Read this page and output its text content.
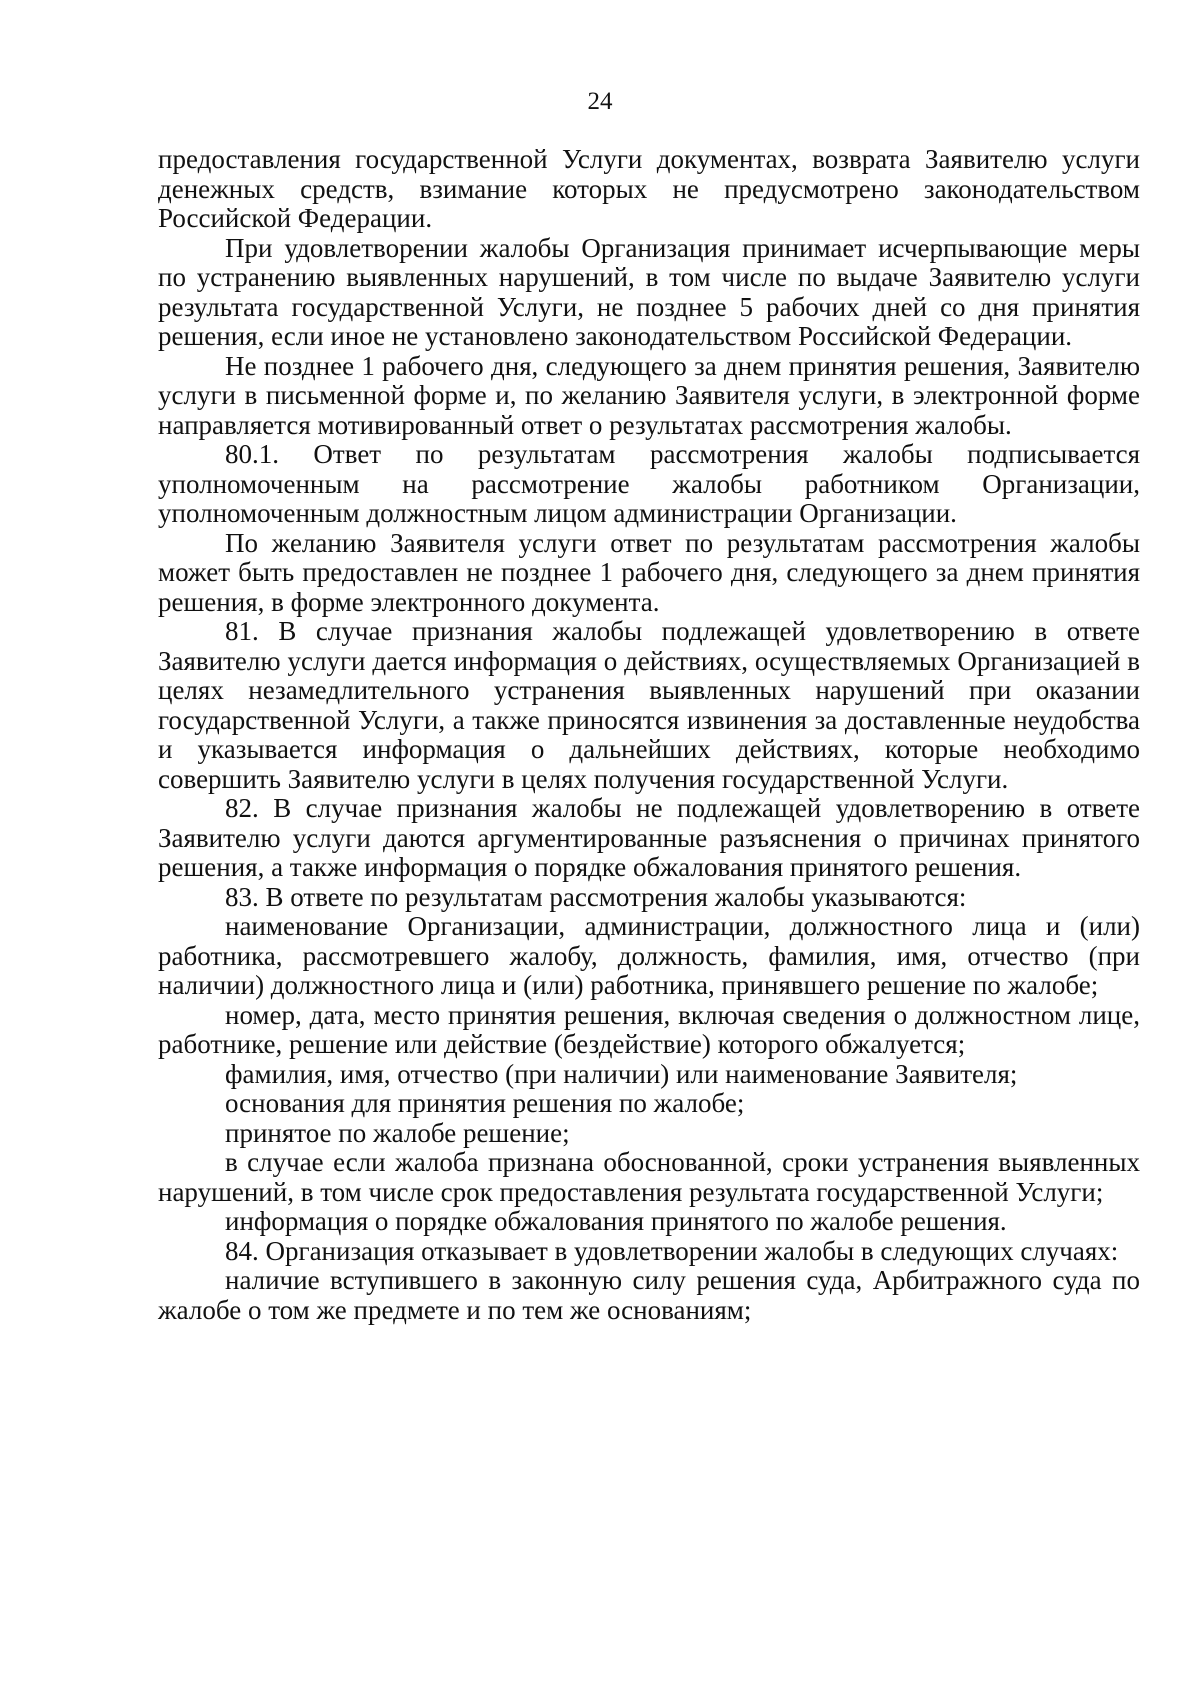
24

предоставления государственной Услуги документах, возврата Заявителю услуги денежных средств, взимание которых не предусмотрено законодательством Российской Федерации.

При удовлетворении жалобы Организация принимает исчерпывающие меры по устранению выявленных нарушений, в том числе по выдаче Заявителю услуги результата государственной Услуги, не позднее 5 рабочих дней со дня принятия решения, если иное не установлено законодательством Российской Федерации.

Не позднее 1 рабочего дня, следующего за днем принятия решения, Заявителю услуги в письменной форме и, по желанию Заявителя услуги, в электронной форме направляется мотивированный ответ о результатах рассмотрения жалобы.

80.1. Ответ по результатам рассмотрения жалобы подписывается уполномоченным на рассмотрение жалобы работником Организации, уполномоченным должностным лицом администрации Организации.

По желанию Заявителя услуги ответ по результатам рассмотрения жалобы может быть предоставлен не позднее 1 рабочего дня, следующего за днем принятия решения, в форме электронного документа.

81. В случае признания жалобы подлежащей удовлетворению в ответе Заявителю услуги дается информация о действиях, осуществляемых Организацией в целях незамедлительного устранения выявленных нарушений при оказании государственной Услуги, а также приносятся извинения за доставленные неудобства и указывается информация о дальнейших действиях, которые необходимо совершить Заявителю услуги в целях получения государственной Услуги.

82. В случае признания жалобы не подлежащей удовлетворению в ответе Заявителю услуги даются аргументированные разъяснения о причинах принятого решения, а также информация о порядке обжалования принятого решения.

83. В ответе по результатам рассмотрения жалобы указываются:

наименование Организации, администрации, должностного лица и (или) работника, рассмотревшего жалобу, должность, фамилия, имя, отчество (при наличии) должностного лица и (или) работника, принявшего решение по жалобе;

номер, дата, место принятия решения, включая сведения о должностном лице, работнике, решение или действие (бездействие) которого обжалуется;

фамилия, имя, отчество (при наличии) или наименование Заявителя;

основания для принятия решения по жалобе;

принятое по жалобе решение;

в случае если жалоба признана обоснованной, сроки устранения выявленных нарушений, в том числе срок предоставления результата государственной Услуги;

информация о порядке обжалования принятого по жалобе решения.

84. Организация отказывает в удовлетворении жалобы в следующих случаях:

наличие вступившего в законную силу решения суда, Арбитражного суда по жалобе о том же предмете и по тем же основаниям;
